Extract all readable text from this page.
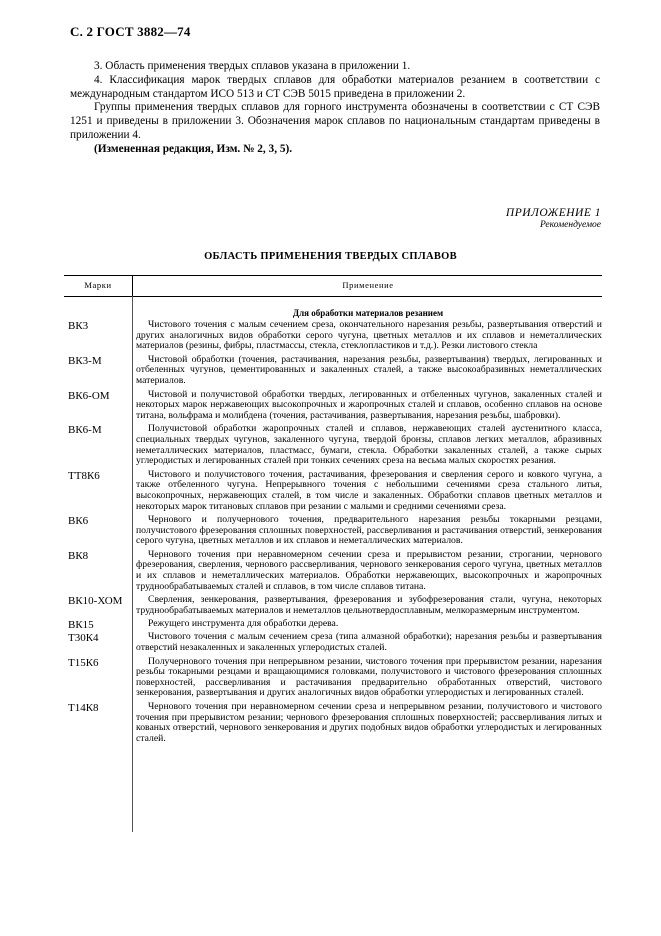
С. 2 ГОСТ 3882—74

3. Область применения твердых сплавов указана в приложении 1.

4. Классификация марок твердых сплавов для обработки материалов резанием в соответствии с международным стандартом ИСО 513 и СТ СЭВ 5015 приведена в приложении 2.

Группы применения твердых сплавов для горного инструмента обозначены в соответствии с СТ СЭВ 1251 и приведены в приложении 3. Обозначения марок сплавов по национальным стандартам приведены в приложении 4.

(Измененная редакция, Изм. № 2, 3, 5).

ПРИЛОЖЕНИЕ 1
Рекомендуемое
ОБЛАСТЬ ПРИМЕНЕНИЯ ТВЕРДЫХ СПЛАВОВ
Марки	Применение
Для обработки материалов резанием
ВК3	Чистового точения с малым сечением среза, окончательного нарезания резьбы, развертывания отверстий и других аналогичных видов обработки серого чугуна, цветных металлов и их сплавов и неметаллических материалов (резины, фибры, пластмассы, стекла, стеклопластиков и т.д.). Резки листового стекла
ВК3-М	Чистовой обработки (точения, растачивания, нарезания резьбы, развертывания) твердых, легированных и отбеленных чугунов, цементированных и закаленных сталей, а также высокоабразивных неметаллических материалов.
ВК6-ОМ	Чистовой и получистовой обработки твердых, легированных и отбеленных чугунов, закаленных сталей и некоторых марок нержавеющих высокопрочных и жаропрочных сталей и сплавов, особенно сплавов на основе титана, вольфрама и молибдена (точения, растачивания, развертывания, нарезания резьбы, шабровки).
ВК6-М	Получистовой обработки жаропрочных сталей и сплавов, нержавеющих сталей аустенитного класса, специальных твердых чугунов, закаленного чугуна, твердой бронзы, сплавов легких металлов, абразивных неметаллических материалов, пластмасс, бумаги, стекла. Обработки закаленных сталей, а также сырых углеродистых и легированных сталей при тонких сечениях среза на весьма малых скоростях резания.
ТТ8К6	Чистового и получистового точения, растачивания, фрезерования и сверления серого и ковкого чугуна, а также отбеленного чугуна. Непрерывного точения с небольшими сечениями среза стального литья, высокопрочных, нержавеющих сталей, в том числе и закаленных. Обработки сплавов цветных металлов и некоторых марок титановых сплавов при резании с малыми и средними сечениями среза.
ВК6	Чернового и получернового точения, предварительного нарезания резьбы токарными резцами, получистового фрезерования сплошных поверхностей, рассверливания и растачивания отверстий, зенкерования серого чугуна, цветных металлов и их сплавов и неметаллических материалов.
ВК8	Чернового точения при неравномерном сечении среза и прерывистом резании, строгании, чернового фрезерования, сверления, чернового рассверливания, чернового зенкерования серого чугуна, цветных металлов и их сплавов и неметаллических материалов. Обработки нержавеющих, высокопрочных и жаропрочных труднообрабатываемых сталей и сплавов, в том числе сплавов титана.
ВК10-ХОМ	Сверления, зенкерования, развертывания, фрезерования и зубофрезерования стали, чугуна, некоторых труднообрабатываемых материалов и неметаллов цельнотвердосплавным, мелкоразмерным инструментом.
ВК15	Режущего инструмента для обработки дерева.
Т30К4	Чистового точения с малым сечением среза (типа алмазной обработки); нарезания резьбы и развертывания отверстий незакаленных и закаленных углеродистых сталей.
Т15К6	Получернового точения при непрерывном резании, чистового точения при прерывистом резании, нарезания резьбы токарными резцами и вращающимися головками, получистового и чистового фрезерования сплошных поверхностей, рассверливания и растачивания предварительно обработанных отверстий, чистового зенкерования, развертывания и других аналогичных видов обработки углеродистых и легированных сталей.
Т14К8	Чернового точения при неравномерном сечении среза и непрерывном резании, получистового и чистового точения при прерывистом резании; чернового фрезерования сплошных поверхностей; рассверливания литых и кованых отверстий, чернового зенкерования и других подобных видов обработки углеродистых и легированных сталей.
